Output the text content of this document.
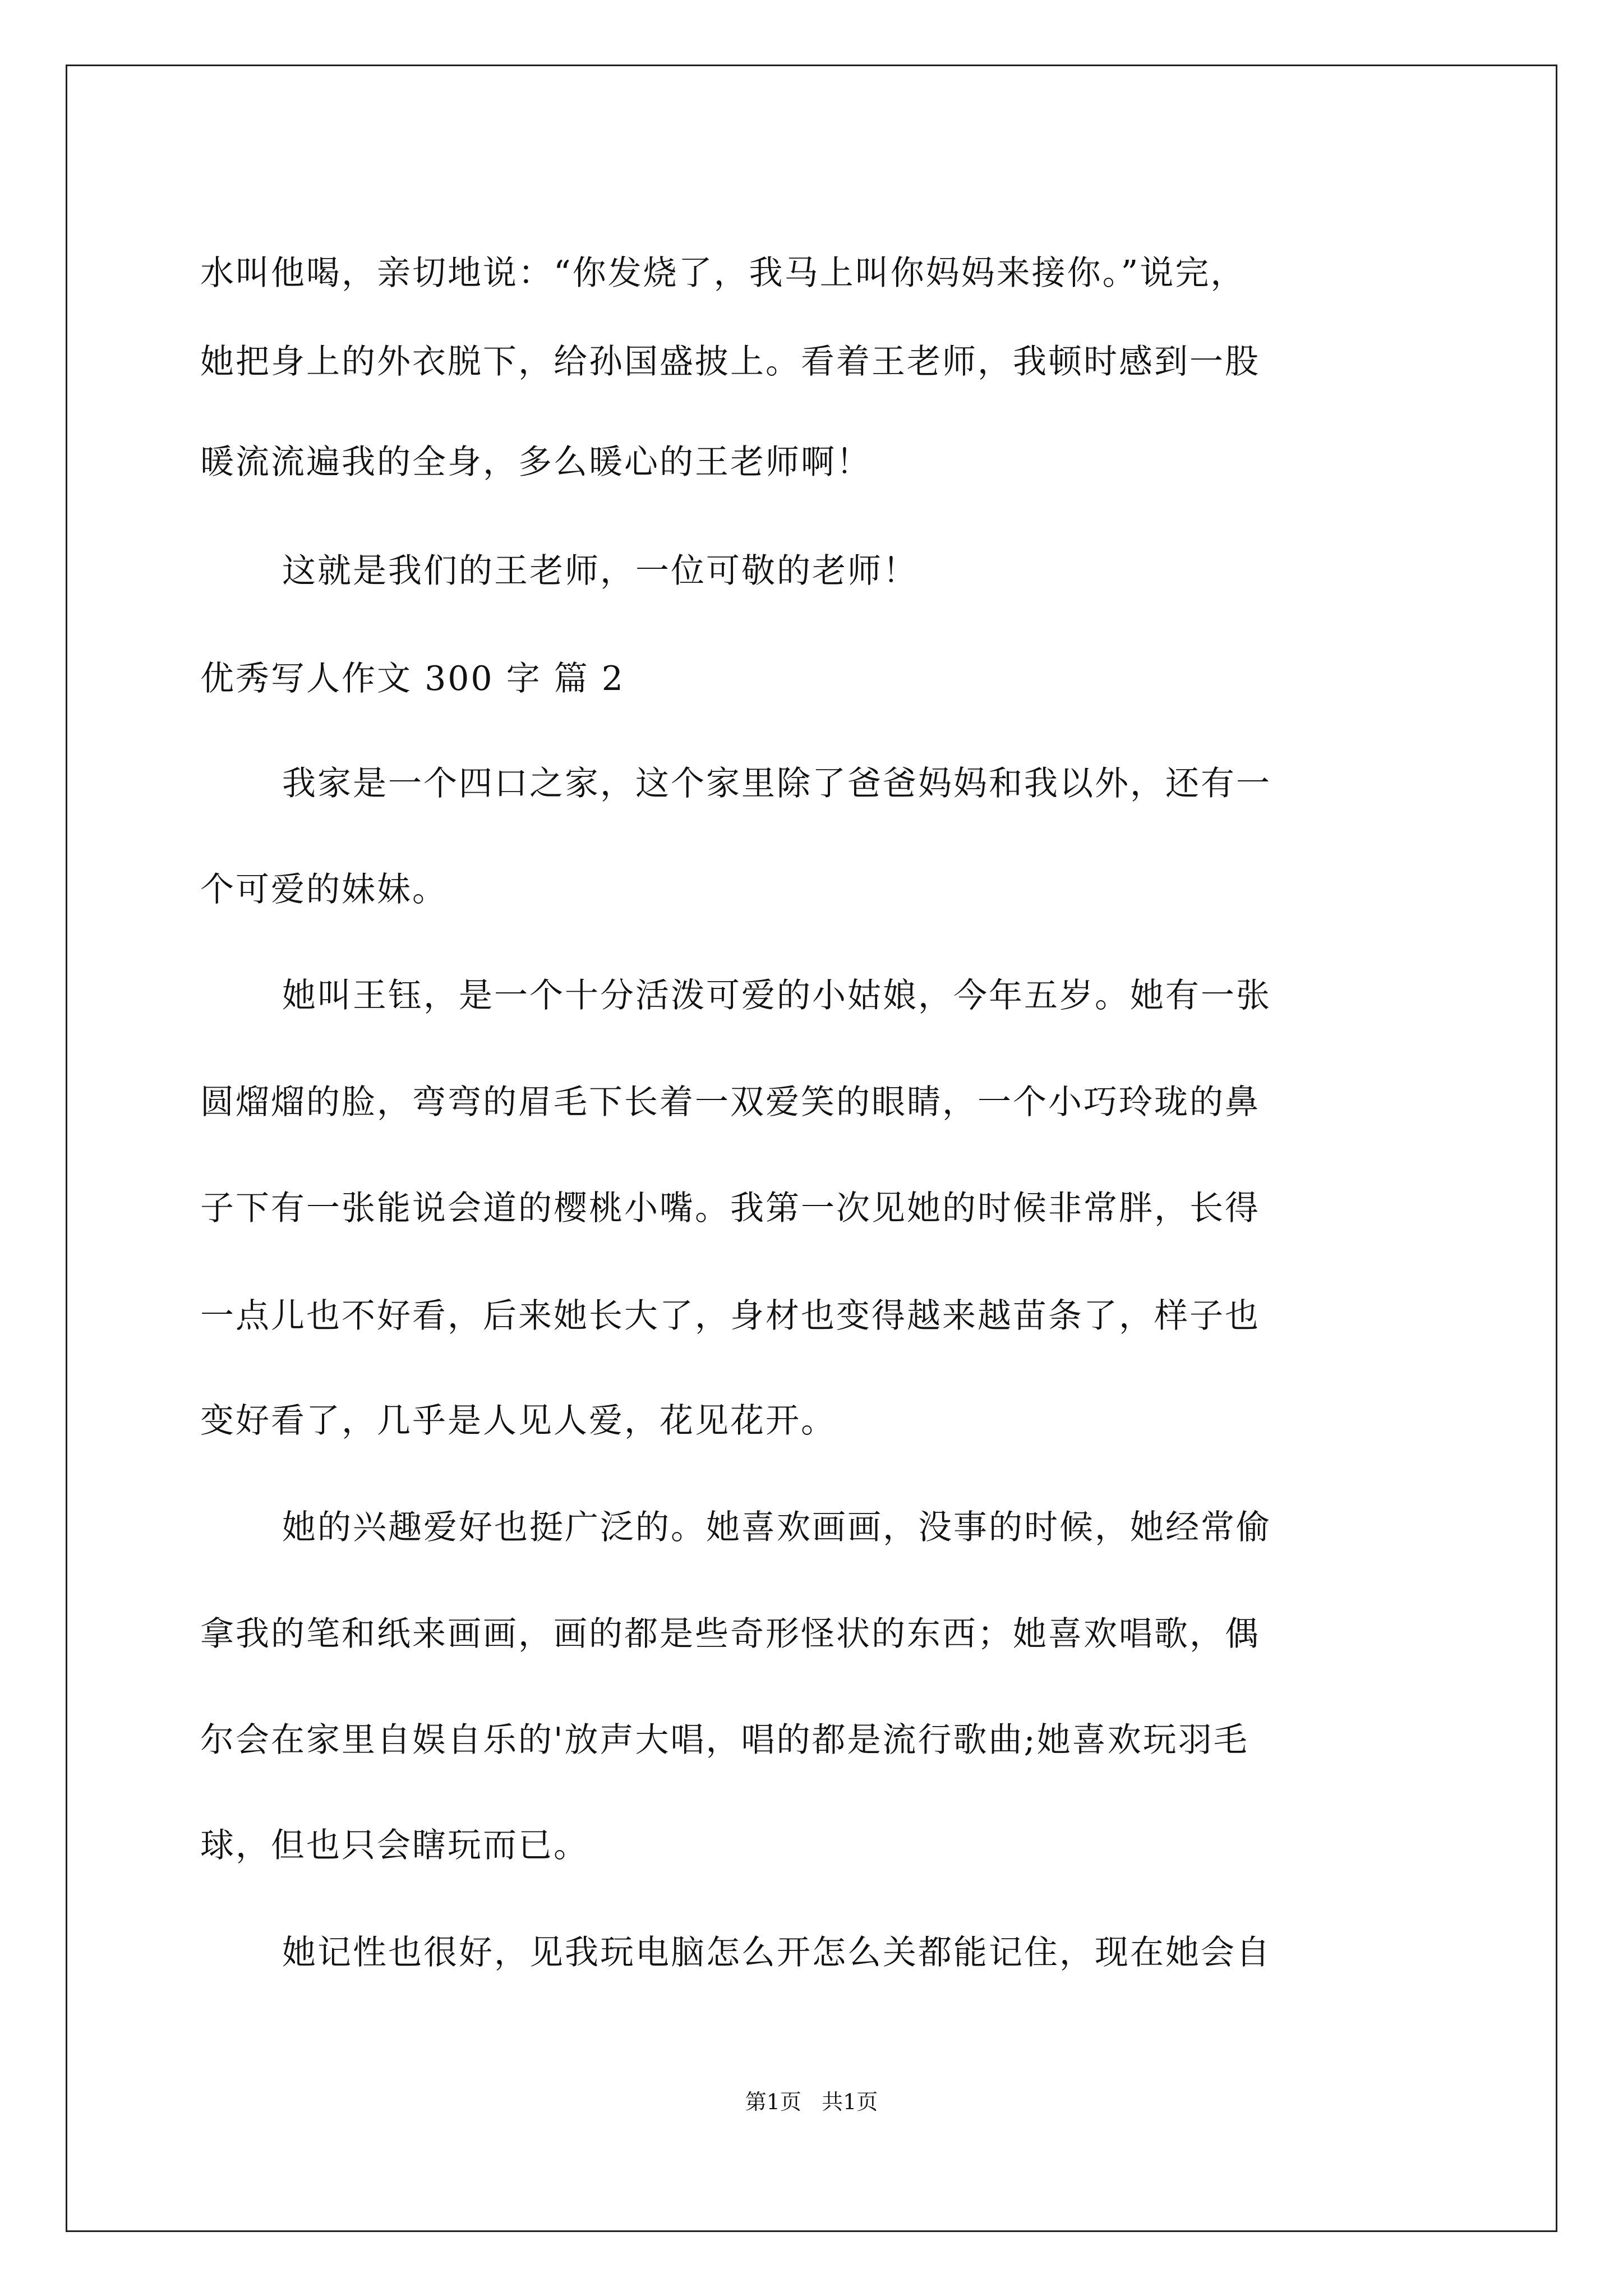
水叫他喝，亲切地说：“你发烧了，我马上叫你妈妈来接你。”说完，
她把身上的外衣脱下，给孙国盛披上。看着王老师，我顿时感到一股
暖流流遍我的全身，多么暖心的王老师啊！
这就是我们的王老师，一位可敬的老师！
优秀写人作文 300 字 篇 2
我家是一个四口之家，这个家里除了爸爸妈妈和我以外，还有一
个可爱的妹妹。
她叫王钰，是一个十分活泼可爱的小姑娘，今年五岁。她有一张
圆熘熘的脸，弯弯的眉毛下长着一双爱笑的眼睛，一个小巧玲珑的鼻
子下有一张能说会道的樱桃小嘴。我第一次见她的时候非常胖，长得
一点儿也不好看，后来她长大了，身材也变得越来越苗条了，样子也
变好看了，几乎是人见人爱，花见花开。
她的兴趣爱好也挺广泛的。她喜欢画画，没事的时候，她经常偷
拿我的笔和纸来画画，画的都是些奇形怪状的东西；她喜欢唱歌，偶
尔会在家里自娱自乐的'放声大唱，唱的都是流行歌曲;她喜欢玩羽毛
球，但也只会瞎玩而已。
她记性也很好，见我玩电脑怎么开怎么关都能记住，现在她会自
第1页   共1页
